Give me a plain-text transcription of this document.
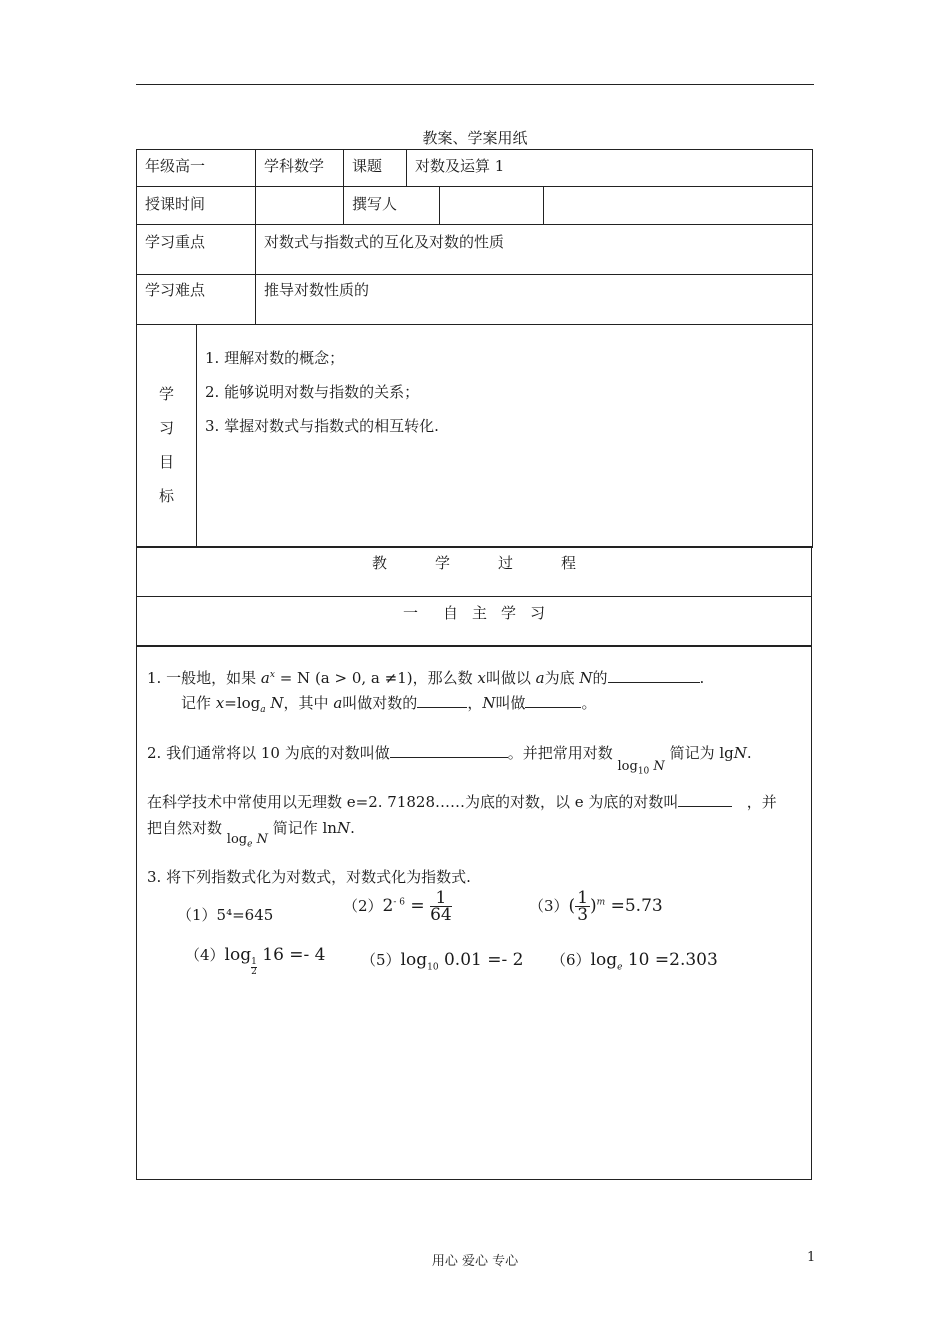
教案、学案用纸
年级高一	学科数学	课题	对数及运算 1		
授课时间		撰写人			
学习重点	对数式与指数式的互化及对数的性质				
学习难点	推导对数性质的				
学
习
目
标

1. 理解对数的概念；
2. 能够说明对数与指数的关系；
3. 掌握对数式与指数式的相互转化.
教	学	过	程
一 自 主 学 习
1. 一般地，如果 $a^x = N$ (a > 0, a ≠1)，那么数 x叫做以 a为底 N的	.
记作 $x=\log_a$ N，其中 a叫做对数的	，N叫做	。
2. 我们通常将以 10 为底的对数叫做	。并把常用对数 $\log_{10} N$ 简记为 lgN.
在科学技术中常使用以无理数 e=2. 71828……为底的对数，以 e 为底的对数叫	，并
把自然对数 $\log_e N$ 简记作 lnN.
3. 将下列指数式化为对数式，对数式化为指数式.
（1）5⁴=645	$(2)2^{- 6} = \frac{1}{64}$	$(3)( \frac{1}{3} )^m =5.73$
（4）log
$\frac{1}{2}$
16 =- 4 $(5)\log_{10}$ 0.01 =- 2 $(6)\log_e$ 10 =2.303
用心 爱心 专心	1
